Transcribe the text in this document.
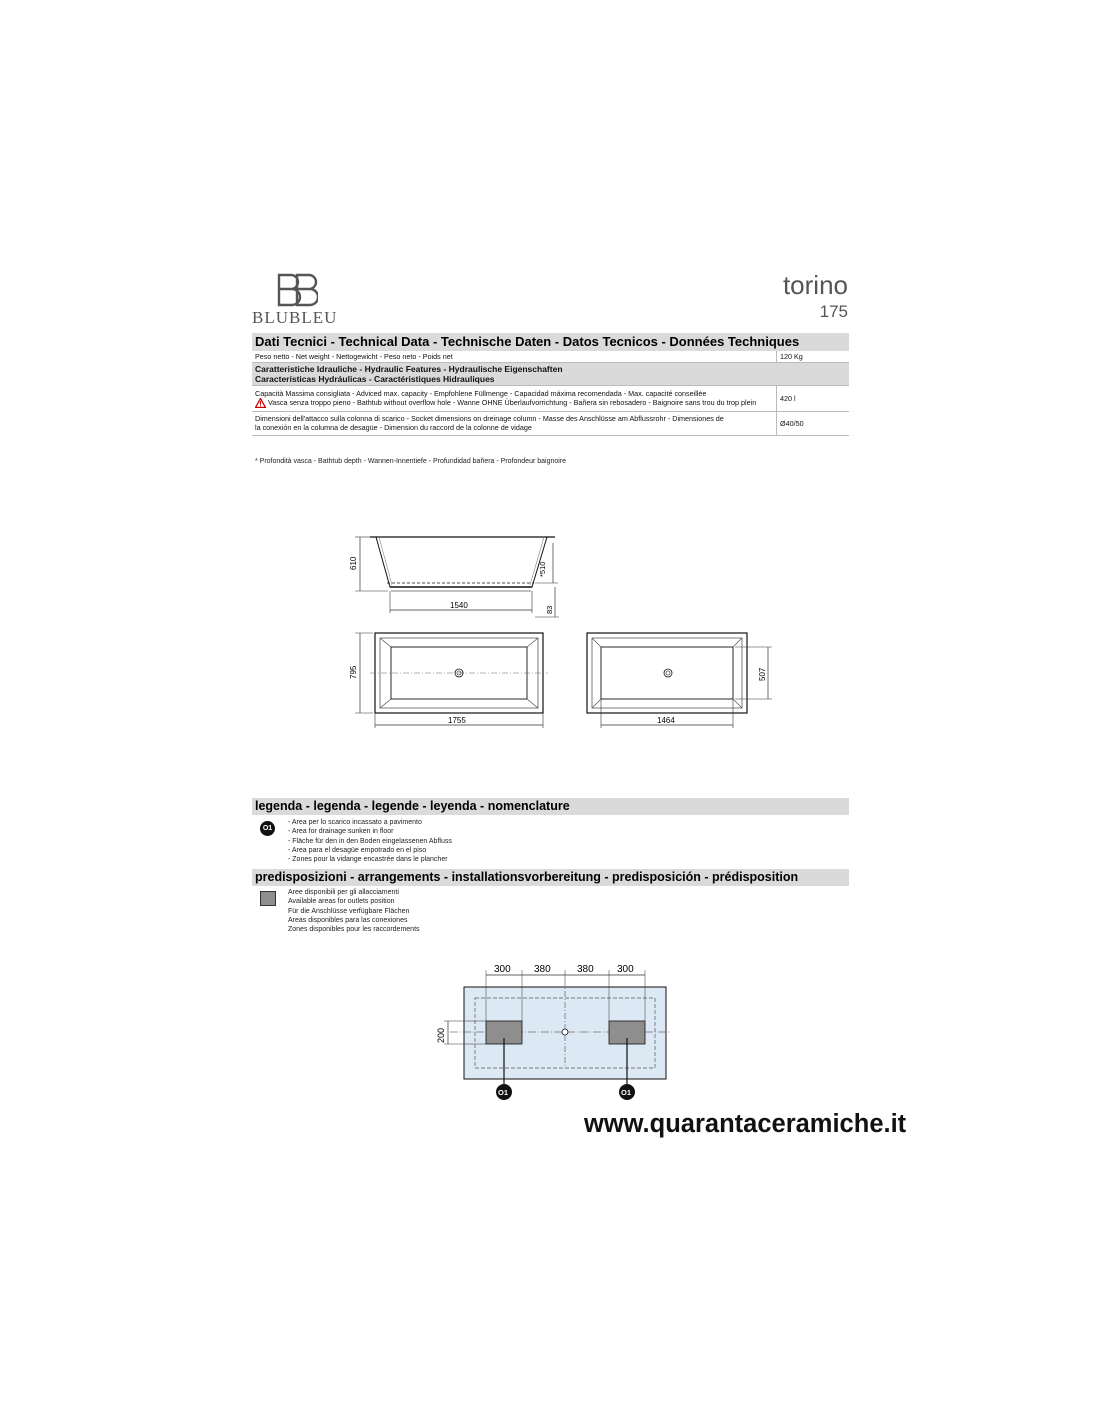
BLUBLEU
torino
175
Dati Tecnici - Technical Data - Technische Daten - Datos Tecnicos - Données Techniques
Peso netto - Net weight - Nettogewicht - Peso neto - Poids net	120 Kg

Caratteristiche Idrauliche - Hydraulic Features - Hydraulische Eigenschaften
Características Hydráulicas - Caractéristiques Hidrauliques	

Capacità Massima consigliata - Adviced max. capacity - Empfohlene Füllmenge - Capacidad máxima recomendada - Max. capacité conseillée
Vasca senza troppo pieno - Bathtub without overflow hole - Wanne OHNE Überlaufvorrichtung - Bañera sin rebosadero - Baignoire sans trou du trop plein	420 l

Dimensioni dell'attacco sulla colonna di scarico - Socket dimensions on dreinage column - Masse des Anschlüsse am Abflussrohr - Dimensiones de
la conexión en la columna de desagüe - Dimension du raccord de la colonne de vidage	Ø40/50
* Profondità vasca - Bathtub depth - Wannen-Innentiefe - Profundidad bañera - Profondeur baignoire
610	*510
83
1540
795
1755
507
1464
legenda - legenda - legende - leyenda - nomenclature
O1
- Area per lo scarico incassato a pavimento
- Area for drainage sunken in floor
- Fläche für den in den Boden eingelassenen Abfluss
- Area para el desagüe empotrado en el piso
- Zones pour la vidange encastrée dans le plancher
predisposizioni - arrangements - installationsvorbereitung - predisposición - prédisposition
Aree disponibili per gli allacciamenti
Available areas for outlets position
Für die Anschlüsse verfügbare Flächen
Areas disponibles para las conexiones
Zones disponibles pour les raccordements
300 380	380 300
200
O1	O1
www.quarantaceramiche.it
